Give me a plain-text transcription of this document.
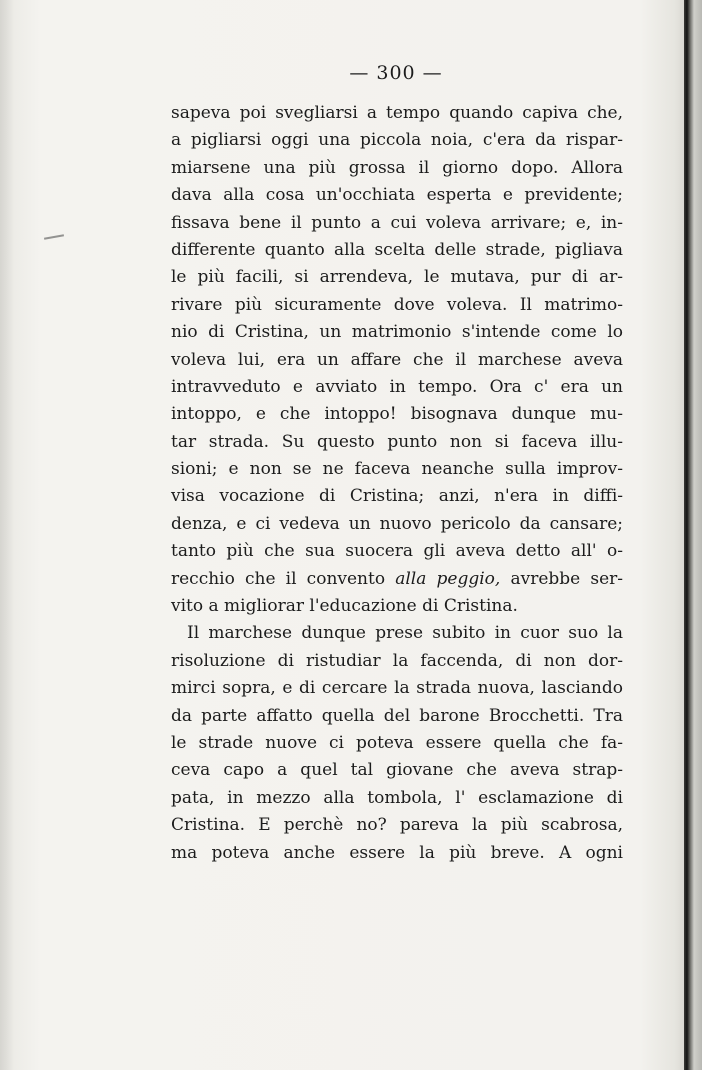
— 300 —
sapeva poi svegliarsi a tempo quando capiva che,
a pigliarsi oggi una piccola noia, c'era da rispar-
miarsene una più grossa il giorno dopo. Allora
dava alla cosa un'occhiata esperta e previdente;
fissava bene il punto a cui voleva arrivare; e, in-
differente quanto alla scelta delle strade, pigliava
le più facili, si arrendeva, le mutava, pur di ar-
rivare più sicuramente dove voleva. Il matrimo-
nio di Cristina, un matrimonio s'intende come lo
voleva lui, era un affare che il marchese aveva
intravveduto e avviato in tempo. Ora c' era un
intoppo, e che intoppo! bisognava dunque mu-
tar strada. Su questo punto non si faceva illu-
sioni; e non se ne faceva neanche sulla improv-
visa vocazione di Cristina; anzi, n'era in diffi-
denza, e ci vedeva un nuovo pericolo da cansare;
tanto più che sua suocera gli aveva detto all' o-
recchio che il convento alla peggio, avrebbe ser-
vito a migliorar l'educazione di Cristina.
Il marchese dunque prese subito in cuor suo la
risoluzione di ristudiar la faccenda, di non dor-
mirci sopra, e di cercare la strada nuova, lasciando
da parte affatto quella del barone Brocchetti. Tra
le strade nuove ci poteva essere quella che fa-
ceva capo a quel tal giovane che aveva strap-
pata, in mezzo alla tombola, l' esclamazione di
Cristina. E perchè no? pareva la più scabrosa,
ma poteva anche essere la più breve. A ogni
